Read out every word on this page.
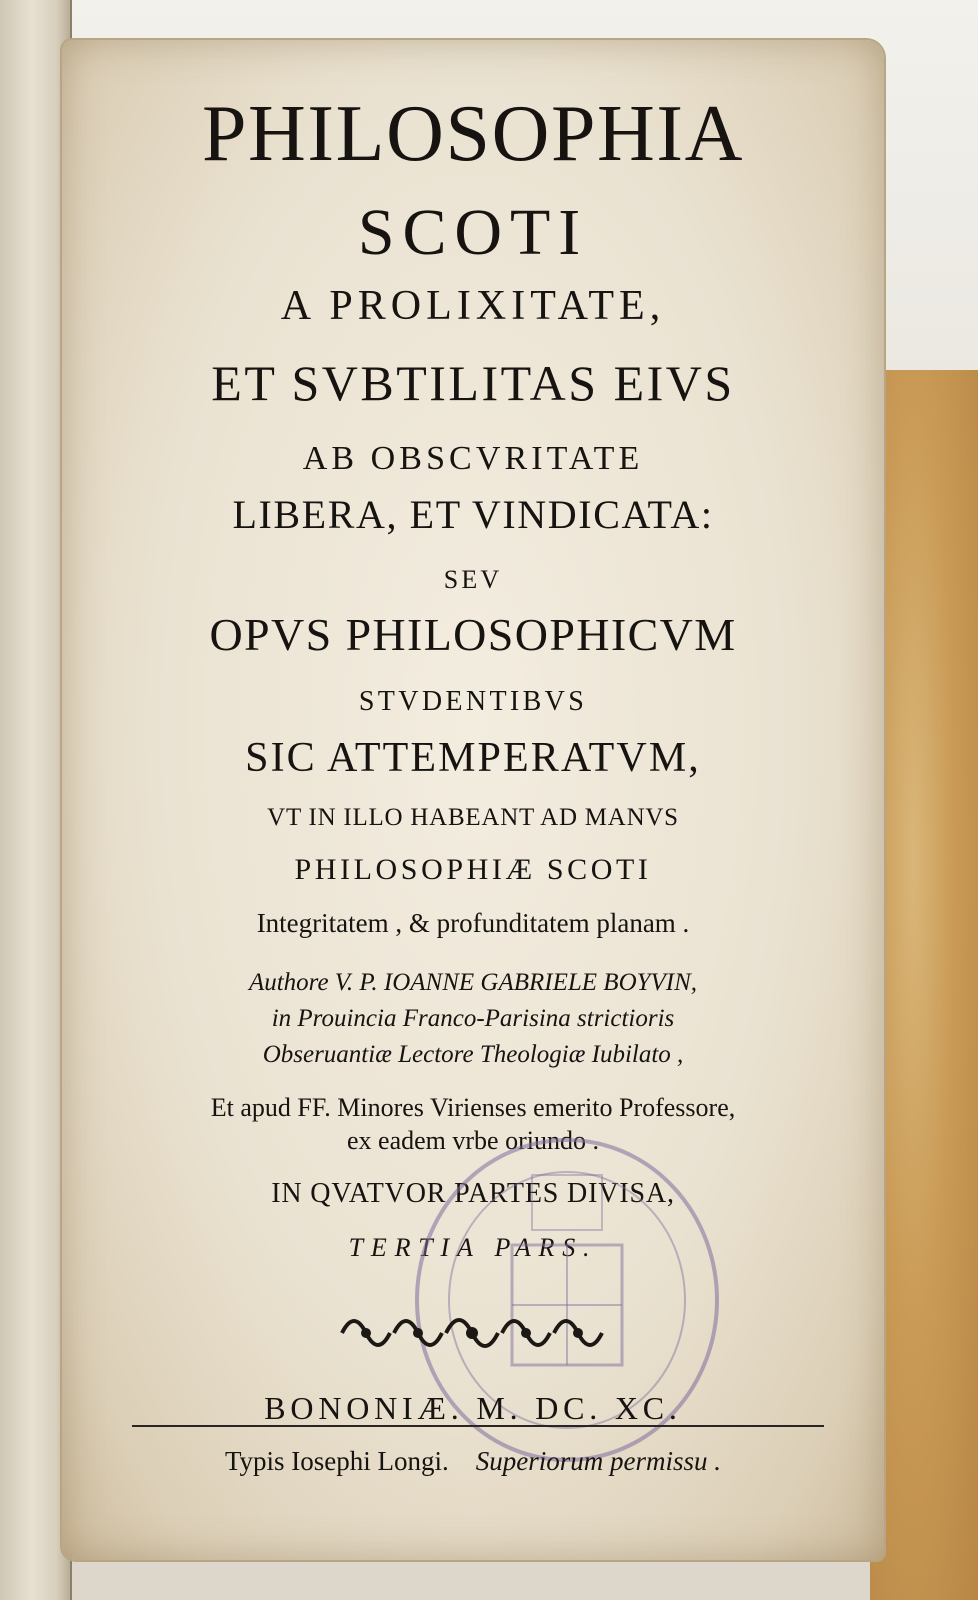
PHILOSOPHIA
SCOTI
A PROLIXITATE,
ET SVBTILITAS EIVS
AB OBSCVRITATE
LIBERA, ET VINDICATA:
SEV
OPVS PHILOSOPHICVM
STVDENTIBVS
SIC ATTEMPERATVM,
VT IN ILLO HABEANT AD MANVS
PHILOSOPHIÆ SCOTI
Integritatem , & profunditatem planam .
Authore V. P. IOANNE GABRIELE BOYVIN,
in Prouincia Franco-Parisina strictioris
Obseruantiæ Lectore Theologiæ Iubilato ,
Et apud FF. Minores Virienses emerito Professore,
ex eadem vrbe oriundo .
IN QVATVOR PARTES DIVISA,
TERTIA PARS.
BONONIÆ. M. DC. XC.
Typis Iosephi Longi. Superiorum permissu .
